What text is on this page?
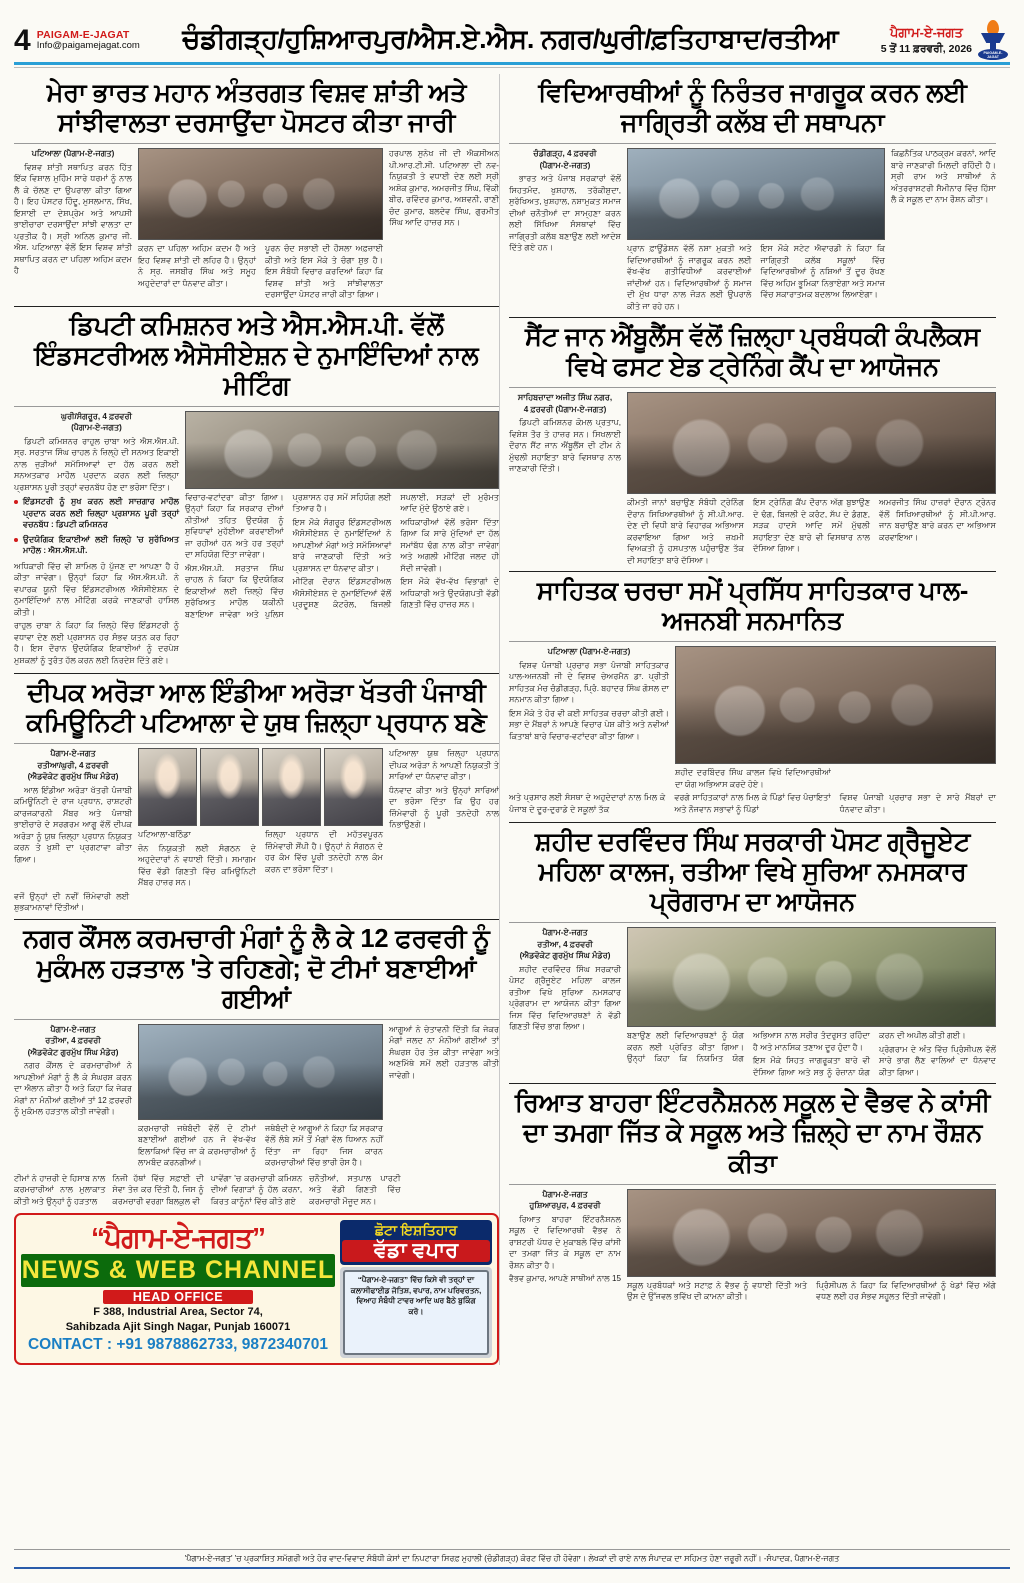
4 PAIGAM-E-JAGAT
Info@paigamejagat.com ਚੰਡੀਗੜ੍ਹ/ਹੁਸ਼ਿਆਰਪੁਰ/ਐਸ.ਏ.ਐਸ. ਨਗਰ/ਘੁਰੀ/ਫ਼ਤਿਹਾਬਾਦ/ਰਤੀਆ	ਪੈਗਾਮ-ਏ-ਜਗਤ
5 ਤੋਂ 11 ਫ਼ਰਵਰੀ, 2026	PAIGAM-E-JAGAT
ਮੇਰਾ ਭਾਰਤ ਮਹਾਨ ਅੰਤਰਗਤ ਵਿਸ਼ਵ ਸ਼ਾਂਤੀ ਅਤੇ ਸਾਂਝੀਵਾਲਤਾ ਦਰਸਾਉਂਦਾ ਪੋਸਟਰ ਕੀਤਾ ਜਾਰੀ

ਪਟਿਆਲਾ (ਪੈਗਾਮ-ਏ-ਜਗਤ)

ਵਿਸ਼ਵ ਸ਼ਾਂਤੀ ਸਥਾਪਿਤ ਕਰਨ ਹਿੱਤ ਇੱਕ ਵਿਸ਼ਾਲ ਮੁਹਿੰਮ ਸਾਰੇ ਧਰਮਾਂ ਨੂੰ ਨਾਲ ਲੈ ਕੇ ਚੱਲਣ ਦਾ ਉਪਰਾਲਾ ਕੀਤਾ ਗਿਆ ਹੈ। ਇਹ ਪੋਸਟਰ ਹਿੰਦੂ, ਮੁਸਲਮਾਨ, ਸਿੱਖ, ਇਸਾਈ ਦਾ ਦੇਸ਼ਪ੍ਰੇਮ ਅਤੇ ਆਪਸੀ ਭਾਈਚਾਰਾ ਦਰਸਾਉਂਦਾ ਸਾਂਝੀ ਵਾਲਤਾ ਦਾ ਪ੍ਰਤੀਕ ਹੈ। ਸ੍ਰੀ ਅਨਿਲ ਕੁਮਾਰ ਜੀ. ਐਸ. ਪਟਿਆਲਾ ਵੱਲੋਂ ਇਸ ਵਿਸ਼ਵ ਸ਼ਾਂਤੀ ਸਥਾਪਿਤ ਕਰਨ ਦਾ ਪਹਿਲਾ ਅਹਿਮ ਕਦਮ ਹੈ

ਕਰਨ ਦਾ ਪਹਿਲਾ ਅਹਿਮ ਕਦਮ ਹੈ ਅਤੇ ਇਹ ਵਿਸ਼ਵ ਸ਼ਾਂਤੀ ਦੀ ਲਹਿਰ ਹੈ। ਉਨ੍ਹਾਂ ਨੇ ਸ੍ਰ. ਜਸਬੀਰ ਸਿੰਘ ਅਤੇ ਸਮੂਹ ਅਹੁਦੇਦਾਰਾਂ ਦਾ ਧੰਨਵਾਦ ਕੀਤਾ।

ਪੂਰਨ ਚੰਦ ਸਭਾਈ ਦੀ ਹੌਸਲਾ ਅਫ਼ਜ਼ਾਈ ਕੀਤੀ ਅਤੇ ਇਸ ਮੌਕੇ ਤੇ ਚੰਗਾ ਸ਼ੁਭ ਹੈ। ਇਸ ਸੰਬੰਧੀ ਵਿਚਾਰ ਕਰਦਿਆਂ ਕਿਹਾ ਕਿ ਵਿਸ਼ਵ ਸ਼ਾਂਤੀ ਅਤੇ ਸਾਂਝੀਵਾਲਤਾ ਦਰਸਾਉਂਦਾ ਪੋਸਟਰ ਜਾਰੀ ਕੀਤਾ ਗਿਆ।

ਹਰਪਾਲ ਸੁਨੇਖ ਜੀ ਦੀ ਐਕਸੀਅਨ ਪੀ.ਆਰ.ਟੀ.ਸੀ. ਪਟਿਆਲਾ ਦੀ ਨਵ-ਨਿਯੁਕਤੀ ਤੇ ਵਧਾਈ ਦੇਣ ਲਈ ਸ੍ਰੀ ਅਸ਼ੋਕ ਕੁਮਾਰ, ਅਮਰਜੀਤ ਸਿੰਘ, ਵਿੱਕੀ ਬੀਰ, ਰਵਿੰਦਰ ਕੁਮਾਰ, ਅਸ਼ਵਨੀ, ਰਾਣੀ ਚੰਦ ਕੁਮਾਰ, ਬਲਦੇਵ ਸਿੰਘ, ਗੁਰਮੀਤ ਸਿੰਘ ਆਦਿ ਹਾਜ਼ਰ ਸਨ।

ਡਿਪਟੀ ਕਮਿਸ਼ਨਰ ਅਤੇ ਐਸ.ਐਸ.ਪੀ. ਵੱਲੋਂ ਇੰਡਸਟਰੀਅਲ ਐਸੋਸੀਏਸ਼ਨ ਦੇ ਨੁਮਾਇੰਦਿਆਂ ਨਾਲ ਮੀਟਿੰਗ

ਘੁਰੀ/ਸੰਗਰੂਰ, 4 ਫ਼ਰਵਰੀ
(ਪੈਗਾਮ-ਏ-ਜਗਤ)

ਡਿਪਟੀ ਕਮਿਸ਼ਨਰ ਰਾਹੁਲ ਚਾਬਾ ਅਤੇ ਐਸ.ਐਸ.ਪੀ. ਸ੍ਰ. ਸਰਤਾਜ ਸਿੰਘ ਚਾਹਲ ਨੇ ਜ਼ਿਲ੍ਹੇ ਦੀ ਸਨਅਤ ਇਕਾਈ ਨਾਲ ਜੁੜੀਆਂ ਸਮੱਸਿਆਵਾਂ ਦਾ ਹੱਲ ਕਰਨ ਲਈ ਸਨਅਤਕਾਰ ਮਾਹੌਲ ਪ੍ਰਦਾਨ ਕਰਨ ਲਈ ਜ਼ਿਲ੍ਹਾ ਪ੍ਰਸ਼ਾਸਨ ਪੂਰੀ ਤਰ੍ਹਾਂ ਵਚਨਬੱਧ ਹੋਣ ਦਾ ਭਰੋਸਾ ਦਿੱਤਾ।

ਇੰਡਸਟਰੀ ਨੂੰ ਸੁਖ ਕਰਨ ਲਈ ਸਾਜ਼ਗਾਰ ਮਾਹੌਲ ਪ੍ਰਦਾਨ ਕਰਨ ਲਈ ਜ਼ਿਲ੍ਹਾ ਪ੍ਰਸ਼ਾਸਨ ਪੂਰੀ ਤਰ੍ਹਾਂ ਵਚਨਬੱਧ : ਡਿਪਟੀ ਕਮਿਸ਼ਨਰ
ਉਦਯੋਗਿਕ ਇਕਾਈਆਂ ਲਈ ਜ਼ਿਲ੍ਹੇ 'ਚ ਸੁਰੱਖਿਅਤ ਮਾਹੌਲ : ਐਸ.ਐਸ.ਪੀ.

ਅਧਿਕਾਰੀ ਵਿੱਚ ਵੀ ਸ਼ਾਮਿਲ ਹੋ ਪੁੱਜਣ ਦਾ ਆਪਣਾ ਹੈ ਹੋ ਕੀਤਾ ਜਾਵੇਗਾ। ਉਨ੍ਹਾਂ ਕਿਹਾ ਕਿ ਐਸ.ਐਸ.ਪੀ. ਨੇ ਵਪਾਰਕ ਯੂਨੀ ਵਿੱਚ ਇੰਡਸਟਰੀਅਲ ਐਸੋਸੀਏਸ਼ਨ ਦੇ ਨੁਮਾਇੰਦਿਆਂ ਨਾਲ ਮੀਟਿੰਗ ਕਰਕੇ ਜਾਣਕਾਰੀ ਹਾਸਿਲ ਕੀਤੀ।

ਰਾਹੁਲ ਚਾਬਾ ਨੇ ਕਿਹਾ ਕਿ ਜ਼ਿਲ੍ਹੇ ਵਿੱਚ ਇੰਡਸਟਰੀ ਨੂੰ ਵਧਾਵਾ ਦੇਣ ਲਈ ਪ੍ਰਸ਼ਾਸਨ ਹਰ ਸੰਭਵ ਯਤਨ ਕਰ ਰਿਹਾ ਹੈ। ਇਸ ਦੌਰਾਨ ਉਦਯੋਗਿਕ ਇਕਾਈਆਂ ਨੂੰ ਦਰਪੇਸ਼ ਮੁਸ਼ਕਲਾਂ ਨੂੰ ਤੁਰੰਤ ਹੱਲ ਕਰਨ ਲਈ ਨਿਰਦੇਸ਼ ਦਿੱਤੇ ਗਏ।

ਵਿਚਾਰ-ਵਟਾਂਦਰਾ ਕੀਤਾ ਗਿਆ। ਉਨ੍ਹਾਂ ਕਿਹਾ ਕਿ ਸਰਕਾਰ ਦੀਆਂ ਨੀਤੀਆਂ ਤਹਿਤ ਉਦਯੋਗ ਨੂੰ ਸੁਵਿਧਾਵਾਂ ਮੁਹੱਈਆ ਕਰਵਾਈਆਂ ਜਾ ਰਹੀਆਂ ਹਨ ਅਤੇ ਹਰ ਤਰ੍ਹਾਂ ਦਾ ਸਹਿਯੋਗ ਦਿੱਤਾ ਜਾਵੇਗਾ।

ਐਸ.ਐਸ.ਪੀ. ਸਰਤਾਜ ਸਿੰਘ ਚਾਹਲ ਨੇ ਕਿਹਾ ਕਿ ਉਦਯੋਗਿਕ ਇਕਾਈਆਂ ਲਈ ਜ਼ਿਲ੍ਹੇ ਵਿੱਚ ਸੁਰੱਖਿਅਤ ਮਾਹੌਲ ਯਕੀਨੀ ਬਣਾਇਆ ਜਾਵੇਗਾ ਅਤੇ ਪੁਲਿਸ ਪ੍ਰਸ਼ਾਸਨ ਹਰ ਸਮੇਂ ਸਹਿਯੋਗ ਲਈ ਤਿਆਰ ਹੈ।

ਇਸ ਮੌਕੇ ਸੰਗਰੂਰ ਇੰਡਸਟਰੀਅਲ ਐਸੋਸੀਏਸ਼ਨ ਦੇ ਨੁਮਾਇੰਦਿਆਂ ਨੇ ਆਪਣੀਆਂ ਮੰਗਾਂ ਅਤੇ ਸਮੱਸਿਆਵਾਂ ਬਾਰੇ ਜਾਣਕਾਰੀ ਦਿੱਤੀ ਅਤੇ ਪ੍ਰਸ਼ਾਸਨ ਦਾ ਧੰਨਵਾਦ ਕੀਤਾ।

ਮੀਟਿੰਗ ਦੌਰਾਨ ਇੰਡਸਟਰੀਅਲ ਐਸੋਸੀਏਸ਼ਨ ਦੇ ਨੁਮਾਇੰਦਿਆਂ ਵੱਲੋਂ ਪ੍ਰਦੂਸ਼ਣ ਕੰਟਰੋਲ, ਬਿਜਲੀ ਸਪਲਾਈ, ਸੜਕਾਂ ਦੀ ਮੁਰੰਮਤ ਆਦਿ ਮੁੱਦੇ ਉਠਾਏ ਗਏ।

ਅਧਿਕਾਰੀਆਂ ਵੱਲੋਂ ਭਰੋਸਾ ਦਿੱਤਾ ਗਿਆ ਕਿ ਸਾਰੇ ਮੁੱਦਿਆਂ ਦਾ ਹੱਲ ਸਮਾਂਬੱਧ ਢੰਗ ਨਾਲ ਕੀਤਾ ਜਾਵੇਗਾ ਅਤੇ ਅਗਲੀ ਮੀਟਿੰਗ ਜਲਦ ਹੀ ਸੱਦੀ ਜਾਵੇਗੀ।

ਇਸ ਮੌਕੇ ਵੱਖ-ਵੱਖ ਵਿਭਾਗਾਂ ਦੇ ਅਧਿਕਾਰੀ ਅਤੇ ਉਦਯੋਗਪਤੀ ਵੱਡੀ ਗਿਣਤੀ ਵਿੱਚ ਹਾਜ਼ਰ ਸਨ।

ਦੀਪਕ ਅਰੋੜਾ ਆਲ ਇੰਡੀਆ ਅਰੋੜਾ ਖੱਤਰੀ ਪੰਜਾਬੀ ਕਮਿਊਨਿਟੀ ਪਟਿਆਲਾ ਦੇ ਯੁਥ ਜ਼ਿਲ੍ਹਾ ਪ੍ਰਧਾਨ ਬਣੇ

ਪੈਗਾਮ-ਏ-ਜਗਤ
ਰਤੀਆ/ਘੁਰੀ, 4 ਫ਼ਰਵਰੀ
(ਐਡਵੋਕੇਟ ਗੁਰਮੁੱਖ ਸਿੰਘ ਮੰਡੇਰ)

ਆਲ ਇੰਡੀਆ ਅਰੋੜਾ ਖੱਤਰੀ ਪੰਜਾਬੀ ਕਮਿਊਨਿਟੀ ਦੇ ਰਾਜ ਪ੍ਰਧਾਨ, ਰਾਸ਼ਟਰੀ ਕਾਰਜਕਾਰਨੀ ਮੈਂਬਰ ਅਤੇ ਪੰਜਾਬੀ ਭਾਈਚਾਰੇ ਦੇ ਸਰਗਰਮ ਆਗੂ ਵੱਲੋਂ ਦੀਪਕ ਅਰੋੜਾ ਨੂੰ ਯੁਥ ਜ਼ਿਲ੍ਹਾ ਪ੍ਰਧਾਨ ਨਿਯੁਕਤ ਕਰਨ ਤੇ ਖੁਸ਼ੀ ਦਾ ਪ੍ਰਗਟਾਵਾ ਕੀਤਾ ਗਿਆ।

ਪਟਿਆਲਾ-ਬਠਿੰਡਾ

ਜ਼ੋਨ ਨਿਯੁਕਤੀ ਲਈ ਸੰਗਠਨ ਦੇ ਅਹੁਦੇਦਾਰਾਂ ਨੇ ਵਧਾਈ ਦਿੱਤੀ। ਸਮਾਗਮ ਵਿੱਚ ਵੱਡੀ ਗਿਣਤੀ ਵਿੱਚ ਕਮਿਊਨਿਟੀ ਮੈਂਬਰ ਹਾਜ਼ਰ ਸਨ।

ਜ਼ਿਲ੍ਹਾ ਪ੍ਰਧਾਨ ਦੀ ਮਹੱਤਵਪੂਰਨ ਜ਼ਿੰਮੇਵਾਰੀ ਸੌਂਪੀ ਹੈ। ਉਨ੍ਹਾਂ ਨੇ ਸੰਗਠਨ ਦੇ ਹਰ ਕੰਮ ਵਿੱਚ ਪੂਰੀ ਤਨਦੇਹੀ ਨਾਲ ਕੰਮ ਕਰਨ ਦਾ ਭਰੋਸਾ ਦਿੱਤਾ।

ਪਟਿਆਲਾ ਯੁਥ ਜ਼ਿਲ੍ਹਾ ਪ੍ਰਧਾਨ ਦੀਪਕ ਅਰੋੜਾ ਨੇ ਆਪਣੀ ਨਿਯੁਕਤੀ ਤੇ ਸਾਰਿਆਂ ਦਾ ਧੰਨਵਾਦ ਕੀਤਾ।

ਧੰਨਵਾਦ ਕੀਤਾ ਅਤੇ ਉਨ੍ਹਾਂ ਸਾਰਿਆਂ ਦਾ ਭਰੋਸਾ ਦਿੱਤਾ ਕਿ ਉਹ ਹਰ ਜ਼ਿੰਮੇਵਾਰੀ ਨੂੰ ਪੂਰੀ ਤਨਦੇਹੀ ਨਾਲ ਨਿਭਾਉਣਗੇ।

ਵਜੋਂ ਉਨ੍ਹਾਂ ਦੀ ਨਵੀਂ ਜ਼ਿੰਮੇਵਾਰੀ ਲਈ ਸ਼ੁਭਕਾਮਨਾਵਾਂ ਦਿੱਤੀਆਂ।

ਨਗਰ ਕੌਂਸਲ ਕਰਮਚਾਰੀ ਮੰਗਾਂ ਨੂੰ ਲੈ ਕੇ 12 ਫਰਵਰੀ ਨੂੰ ਮੁਕੰਮਲ ਹੜਤਾਲ 'ਤੇ ਰਹਿਣਗੇ; ਦੋ ਟੀਮਾਂ ਬਣਾਈਆਂ ਗਈਆਂ

ਪੈਗਾਮ-ਏ-ਜਗਤ
ਰਤੀਆ, 4 ਫ਼ਰਵਰੀ
(ਐਡਵੋਕੇਟ ਗੁਰਮੁੱਖ ਸਿੰਘ ਮੰਡੇਰ)

ਨਗਰ ਕੌਂਸਲ ਦੇ ਕਰਮਚਾਰੀਆਂ ਨੇ ਆਪਣੀਆਂ ਮੰਗਾਂ ਨੂੰ ਲੈ ਕੇ ਸੰਘਰਸ਼ ਕਰਨ ਦਾ ਐਲਾਨ ਕੀਤਾ ਹੈ ਅਤੇ ਕਿਹਾ ਕਿ ਜੇਕਰ ਮੰਗਾਂ ਨਾ ਮੰਨੀਆਂ ਗਈਆਂ ਤਾਂ 12 ਫ਼ਰਵਰੀ ਨੂੰ ਮੁਕੰਮਲ ਹੜਤਾਲ ਕੀਤੀ ਜਾਵੇਗੀ।

ਕਰਮਚਾਰੀ ਜਥੇਬੰਦੀ ਵੱਲੋਂ ਦੋ ਟੀਮਾਂ ਬਣਾਈਆਂ ਗਈਆਂ ਹਨ ਜੋ ਵੱਖ-ਵੱਖ ਇਲਾਕਿਆਂ ਵਿੱਚ ਜਾ ਕੇ ਕਰਮਚਾਰੀਆਂ ਨੂੰ ਲਾਮਬੰਦ ਕਰਨਗੀਆਂ।

ਜਥੇਬੰਦੀ ਦੇ ਆਗੂਆਂ ਨੇ ਕਿਹਾ ਕਿ ਸਰਕਾਰ ਵੱਲੋਂ ਲੰਬੇ ਸਮੇਂ ਤੋਂ ਮੰਗਾਂ ਵੱਲ ਧਿਆਨ ਨਹੀਂ ਦਿੱਤਾ ਜਾ ਰਿਹਾ ਜਿਸ ਕਾਰਨ ਕਰਮਚਾਰੀਆਂ ਵਿੱਚ ਭਾਰੀ ਰੋਸ ਹੈ।

ਆਗੂਆਂ ਨੇ ਚੇਤਾਵਨੀ ਦਿੱਤੀ ਕਿ ਜੇਕਰ ਮੰਗਾਂ ਜਲਦ ਨਾ ਮੰਨੀਆਂ ਗਈਆਂ ਤਾਂ ਸੰਘਰਸ਼ ਹੋਰ ਤੇਜ਼ ਕੀਤਾ ਜਾਵੇਗਾ ਅਤੇ ਅਣਮਿੱਥੇ ਸਮੇਂ ਲਈ ਹੜਤਾਲ ਕੀਤੀ ਜਾਵੇਗੀ।

ਟੀਮਾਂ ਨੇ ਹਾਜ਼ਰੀ ਦੇ ਹਿਸਾਬ ਨਾਲ ਕਰਮਚਾਰੀਆਂ ਨਾਲ ਮੁਲਾਕਾਤ ਕੀਤੀ ਅਤੇ ਉਨ੍ਹਾਂ ਨੂੰ ਹੜਤਾਲ

ਨਿਜੀ ਹੱਥਾਂ ਵਿੱਚ ਸਫ਼ਾਈ ਦੀ ਸੇਵਾ ਤੇਜ਼ ਕਰ ਦਿੱਤੀ ਹੈ, ਜਿਸ ਨੂੰ ਕਰਮਚਾਰੀ ਵਰਗਾ ਬਿਲਕੁਲ ਵੀ

ਪਾਵੇਂਗਾ 'ਚ ਕਰਮਚਾਰੀ ਕਮਿਸ਼ਨ ਦੀਆਂ ਵਿਗਾੜਾਂ ਨੂੰ ਹੱਲ ਕਰਨਾ, ਕਿਰਤ ਕਾਨੂੰਨਾਂ ਵਿੱਚ ਕੀਤੇ ਗਏ

ਚਨੌਤੀਆਂ, ਸਤਪਾਲ ਪਾਰਟੀ ਅਤੇ ਵੱਡੀ ਗਿਣਤੀ ਵਿੱਚ ਕਰਮਚਾਰੀ ਮੌਜੂਦ ਸਨ।

“ਪੈਗਾਮ-ਏ-ਜਗਤ”
NEWS & WEB CHANNEL
HEAD OFFICE
F 388, Industrial Area, Sector 74,
Sahibzada Ajit Singh Nagar, Punjab 160071
CONTACT : +91 9878862733, 9872340701
ਛੋਟਾ ਇਸ਼ਤਿਹਾਰ
ਵੱਡਾ ਵਪਾਰ
“ਪੈਗਾਮ-ਏ-ਜਗਤ” ਵਿੱਚ ਕਿਸੇ ਵੀ ਤਰ੍ਹਾਂ ਦਾ ਕਲਾਸੀਫਾਈਡ ਜੋਤਿਸ਼, ਵਪਾਰ, ਨਾਮ ਪਰਿਵਰਤਨ, ਵਿਆਹ ਸੰਬੰਧੀ ਟਾਵਰ ਆਦਿ ਘਰ ਬੈਠੇ ਬੁਕਿੰਗ ਕਰੋ।
ਵਿਦਿਆਰਥੀਆਂ ਨੂੰ ਨਿਰੰਤਰ ਜਾਗਰੂਕ ਕਰਨ ਲਈ ਜਾਗ੍ਰਿਤੀ ਕਲੱਬ ਦੀ ਸਥਾਪਨਾ

ਚੰਡੀਗੜ੍ਹ, 4 ਫ਼ਰਵਰੀ
(ਪੈਗਾਮ-ਏ-ਜਗਤ)

ਭਾਰਤ ਅਤੇ ਪੰਜਾਬ ਸਰਕਾਰਾਂ ਵੱਲੋਂ ਸਿਹਤਮੰਦ, ਖੁਸ਼ਹਾਲ, ਤਰੱਕੀਸ਼ੁਦਾ, ਸੁਰੱਖਿਅਤ, ਖੁਸ਼ਹਾਲ, ਨਸ਼ਾਮੁਕਤ ਸਮਾਜ ਦੀਆਂ ਚਨੌਤੀਆਂ ਦਾ ਸਾਮ੍ਹਣਾ ਕਰਨ ਲਈ ਸਿੱਖਿਆ ਸੰਸਥਾਵਾਂ ਵਿੱਚ ਜਾਗ੍ਰਿਤੀ ਕਲੱਬ ਬਣਾਉਣ ਲਈ ਆਦੇਸ਼ ਦਿੱਤੇ ਗਏ ਹਨ।	ਪ੍ਰਾਨ ਫ਼ਾਊਂਡੇਸ਼ਨ ਵੱਲੋਂ ਨਸ਼ਾ ਮੁਕਤੀ ਅਤੇ ਵਿਦਿਆਰਥੀਆਂ ਨੂੰ ਜਾਗਰੂਕ ਕਰਨ ਲਈ ਵੱਖ-ਵੱਖ ਗਤੀਵਿਧੀਆਂ ਕਰਵਾਈਆਂ ਜਾਂਦੀਆਂ ਹਨ। ਵਿਦਿਆਰਥੀਆਂ ਨੂੰ ਸਮਾਜ ਦੀ ਮੁੱਖ ਧਾਰਾ ਨਾਲ ਜੋੜਨ ਲਈ ਉਪਰਾਲੇ ਕੀਤੇ ਜਾ ਰਹੇ ਹਨ।

ਇਸ ਮੌਕੇ ਸਟੇਟ ਐਵਾਰਡੀ ਨੇ ਕਿਹਾ ਕਿ ਜਾਗ੍ਰਿਤੀ ਕਲੱਬ ਸਕੂਲਾਂ ਵਿੱਚ ਵਿਦਿਆਰਥੀਆਂ ਨੂੰ ਨਸ਼ਿਆਂ ਤੋਂ ਦੂਰ ਰੱਖਣ ਵਿੱਚ ਅਹਿਮ ਭੂਮਿਕਾ ਨਿਭਾਏਗਾ ਅਤੇ ਸਮਾਜ ਵਿੱਚ ਸਕਾਰਾਤਮਕ ਬਦਲਾਅ ਲਿਆਏਗਾ।

ਕਿਛਨੈਤਿਕ ਪਾਠਕ੍ਰਮ ਕਰਨਾਂ, ਆਦਿ ਬਾਰੇ ਜਾਣਕਾਰੀ ਮਿਲਦੀ ਰਹਿੰਦੀ ਹੈ। ਸ੍ਰੀ ਰਾਮ ਅਤੇ ਸਾਥੀਆਂ ਨੇ ਅੰਤਰਰਾਸ਼ਟਰੀ ਸੈਮੀਨਾਰ ਵਿੱਚ ਹਿੱਸਾ ਲੈ ਕੇ ਸਕੂਲ ਦਾ ਨਾਮ ਰੌਸ਼ਨ ਕੀਤਾ।

ਸੈਂਟ ਜਾਨ ਐਂਬੂਲੈਂਸ ਵੱਲੋਂ ਜ਼ਿਲ੍ਹਾ ਪ੍ਰਬੰਧਕੀ ਕੰਪਲੈਕਸ ਵਿਖੇ ਫਸਟ ਏਡ ਟ੍ਰੇਨਿੰਗ ਕੈਂਪ ਦਾ ਆਯੋਜਨ

ਸਾਹਿਬਜ਼ਾਦਾ ਅਜੀਤ ਸਿੰਘ ਨਗਰ,
4 ਫ਼ਰਵਰੀ (ਪੈਗਾਮ-ਏ-ਜਗਤ)

ਡਿਪਟੀ ਕਮਿਸ਼ਨਰ ਕੋਮਲ ਪ੍ਰਤਾਪ, ਵਿਸ਼ੇਸ਼ ਤੌਰ ਤੇ ਹਾਜ਼ਰ ਸਨ। ਸਿਖਲਾਈ ਦੌਰਾਨ ਸੈਂਟ ਜਾਨ ਐਂਬੂਲੈਂਸ ਦੀ ਟੀਮ ਨੇ ਮੁੱਢਲੀ ਸਹਾਇਤਾ ਬਾਰੇ ਵਿਸਥਾਰ ਨਾਲ ਜਾਣਕਾਰੀ ਦਿੱਤੀ।

ਕੀਮਤੀ ਜਾਨਾਂ ਬਚਾਉਣ ਸੰਬੰਧੀ ਟ੍ਰੇਨਿੰਗ ਦੌਰਾਨ ਸਿਖਿਆਰਥੀਆਂ ਨੂੰ ਸੀ.ਪੀ.ਆਰ. ਦੇਣ ਦੀ ਵਿਧੀ ਬਾਰੇ ਵਿਹਾਰਕ ਅਭਿਆਸ ਕਰਵਾਇਆ ਗਿਆ ਅਤੇ ਜ਼ਖ਼ਮੀ ਵਿਅਕਤੀ ਨੂੰ ਹਸਪਤਾਲ ਪਹੁੰਚਾਉਣ ਤੱਕ ਦੀ ਸਹਾਇਤਾ ਬਾਰੇ ਦੱਸਿਆ।

ਇਸ ਟ੍ਰੇਨਿੰਗ ਕੈਂਪ ਦੌਰਾਨ ਅੱਗ ਬੁਝਾਉਣ ਦੇ ਢੰਗ, ਬਿਜਲੀ ਦੇ ਕਰੰਟ, ਸੱਪ ਦੇ ਡੰਗਣ, ਸੜਕ ਹਾਦਸੇ ਆਦਿ ਸਮੇਂ ਮੁੱਢਲੀ ਸਹਾਇਤਾ ਦੇਣ ਬਾਰੇ ਵੀ ਵਿਸਥਾਰ ਨਾਲ ਦੱਸਿਆ ਗਿਆ।

ਅਮਰਜੀਤ ਸਿੰਘ ਹਾਜ਼ਰਾਂ ਦੌਰਾਨ ਟ੍ਰੇਨਰ ਵੱਲੋਂ ਸਿਖਿਆਰਥੀਆਂ ਨੂੰ ਸੀ.ਪੀ.ਆਰ. ਜਾਨ ਬਚਾਉਣ ਬਾਰੇ ਕਰਨ ਦਾ ਅਭਿਆਸ ਕਰਵਾਇਆ।

ਸਾਹਿਤਕ ਚਰਚਾ ਸਮੇਂ ਪ੍ਰਸਿੱਧ ਸਾਹਿਤਕਾਰ ਪਾਲ-ਅਜਨਬੀ ਸਨਮਾਨਿਤ

ਪਟਿਆਲਾ (ਪੈਗਾਮ-ਏ-ਜਗਤ)

ਵਿਸ਼ਵ ਪੰਜਾਬੀ ਪ੍ਰਚਾਰ ਸਭਾ ਪੰਜਾਬੀ ਸਾਹਿਤਕਾਰ ਪਾਲ-ਅਜਨਬੀ ਜੀ ਦੇ ਵਿਸ਼ਵ ਚੇਅਰਮੈਨ ਡਾ. ਪ੍ਰੀਤੀ ਸਾਹਿਤਕ ਮੰਚ ਚੰਡੀਗੜ੍ਹ, ਪ੍ਰਿੰ. ਬਹਾਦਰ ਸਿੰਘ ਗੋਸਲ ਦਾ ਸਨਮਾਨ ਕੀਤਾ ਗਿਆ।

ਇਸ ਮੌਕੇ ਤੇ ਹੋਰ ਵੀ ਕਈ ਸਾਹਿਤਕ ਚਰਚਾ ਕੀਤੀ ਗਈ। ਸਭਾ ਦੇ ਮੈਂਬਰਾਂ ਨੇ ਆਪਣੇ ਵਿਚਾਰ ਪੇਸ਼ ਕੀਤੇ ਅਤੇ ਨਵੀਆਂ ਕਿਤਾਬਾਂ ਬਾਰੇ ਵਿਚਾਰ-ਵਟਾਂਦਰਾ ਕੀਤਾ ਗਿਆ।

ਸ਼ਹੀਦ ਦਰਬਿੰਦਰ ਸਿੰਘ ਕਾਲਜ ਵਿਖੇ ਵਿਦਿਆਰਥੀਆਂ ਦਾ ਯੋਗ ਅਭਿਆਸ ਕਰਦੇ ਹੋਏ।

ਅਤੇ ਪ੍ਰਸਾਰ ਲਈ ਸੰਸਥਾ ਦੇ ਅਹੁਦੇਦਾਰਾਂ ਨਾਲ ਮਿਲ ਕੇ ਪੰਜਾਬ ਦੇ ਦੂਰ-ਦੁਰਾਡੇ ਦੇ ਸਕੂਲਾਂ ਤੱਕ

ਵਰਗੇ ਸਾਹਿਤਕਾਰਾਂ ਨਾਲ ਮਿਲ ਕੇ ਪਿੰਡਾਂ ਵਿਚ ਪੰਚਾਇਤਾਂ ਅਤੇ ਨੌਜਵਾਨ ਸਭਾਵਾਂ ਨੂੰ ਪਿੰਡਾਂ

ਵਿਸ਼ਵ ਪੰਜਾਬੀ ਪ੍ਰਚਾਰ ਸਭਾ ਦੇ ਸਾਰੇ ਮੈਂਬਰਾਂ ਦਾ ਧੰਨਵਾਦ ਕੀਤਾ।

ਸ਼ਹੀਦ ਦਰਵਿੰਦਰ ਸਿੰਘ ਸਰਕਾਰੀ ਪੋਸਟ ਗ੍ਰੈਜੂਏਟ ਮਹਿਲਾ ਕਾਲਜ, ਰਤੀਆ ਵਿਖੇ ਸੁਰਿਆ ਨਮਸਕਾਰ ਪ੍ਰੋਗਰਾਮ ਦਾ ਆਯੋਜਨ

ਪੈਗਾਮ-ਏ-ਜਗਤ
ਰਤੀਆ, 4 ਫ਼ਰਵਰੀ
(ਐਡਵੋਕੇਟ ਗੁਰਮੁੱਖ ਸਿੰਘ ਮੰਡੇਰ)

ਸ਼ਹੀਦ ਦਰਵਿੰਦਰ ਸਿੰਘ ਸਰਕਾਰੀ ਪੋਸਟ ਗ੍ਰੈਜੂਏਟ ਮਹਿਲਾ ਕਾਲਜ ਰਤੀਆ ਵਿਖੇ ਸੁਰਿਆ ਨਮਸਕਾਰ ਪ੍ਰੋਗਰਾਮ ਦਾ ਆਯੋਜਨ ਕੀਤਾ ਗਿਆ ਜਿਸ ਵਿੱਚ ਵਿਦਿਆਰਥਣਾਂ ਨੇ ਵੱਡੀ ਗਿਣਤੀ ਵਿੱਚ ਭਾਗ ਲਿਆ।

ਬਣਾਉਣ ਲਈ ਵਿਦਿਆਰਥਣਾਂ ਨੂੰ ਯੋਗ ਕਰਨ ਲਈ ਪ੍ਰੇਰਿਤ ਕੀਤਾ ਗਿਆ। ਉਨ੍ਹਾਂ ਕਿਹਾ ਕਿ ਨਿਯਮਿਤ ਯੋਗ ਅਭਿਆਸ ਨਾਲ ਸਰੀਰ ਤੰਦਰੁਸਤ ਰਹਿੰਦਾ ਹੈ ਅਤੇ ਮਾਨਸਿਕ ਤਣਾਅ ਦੂਰ ਹੁੰਦਾ ਹੈ।

ਇਸ ਮੌਕੇ ਸਿਹਤ ਜਾਗਰੂਕਤਾ ਬਾਰੇ ਵੀ ਦੱਸਿਆ ਗਿਆ ਅਤੇ ਸਭ ਨੂੰ ਰੋਜ਼ਾਨਾ ਯੋਗ ਕਰਨ ਦੀ ਅਪੀਲ ਕੀਤੀ ਗਈ।

ਪ੍ਰੋਗਰਾਮ ਦੇ ਅੰਤ ਵਿੱਚ ਪ੍ਰਿੰਸੀਪਲ ਵੱਲੋਂ ਸਾਰੇ ਭਾਗ ਲੈਣ ਵਾਲਿਆਂ ਦਾ ਧੰਨਵਾਦ ਕੀਤਾ ਗਿਆ।

ਰਿਆਤ ਬਾਹਰਾ ਇੰਟਰਨੈਸ਼ਨਲ ਸਕੂਲ ਦੇ ਵੈਭਵ ਨੇ ਕਾਂਸੀ ਦਾ ਤਮਗਾ ਜਿੱਤ ਕੇ ਸਕੂਲ ਅਤੇ ਜ਼ਿਲ੍ਹੇ ਦਾ ਨਾਮ ਰੌਸ਼ਨ ਕੀਤਾ

ਪੈਗਾਮ-ਏ-ਜਗਤ
ਹੁਸ਼ਿਆਰਪੁਰ, 4 ਫ਼ਰਵਰੀ

ਰਿਆਤ ਬਾਹਰਾ ਇੰਟਰਨੈਸ਼ਨਲ ਸਕੂਲ ਦੇ ਵਿਦਿਆਰਥੀ ਵੈਭਵ ਨੇ ਰਾਸ਼ਟਰੀ ਪੱਧਰ ਦੇ ਮੁਕਾਬਲੇ ਵਿੱਚ ਕਾਂਸੀ ਦਾ ਤਮਗਾ ਜਿੱਤ ਕੇ ਸਕੂਲ ਦਾ ਨਾਮ ਰੌਸ਼ਨ ਕੀਤਾ ਹੈ।

ਵੈਭਵ ਕੁਮਾਰ, ਆਪਣੇ ਸਾਥੀਆਂ ਨਾਲ 15

ਸਕੂਲ ਪ੍ਰਬੰਧਕਾਂ ਅਤੇ ਸਟਾਫ਼ ਨੇ ਵੈਭਵ ਨੂੰ ਵਧਾਈ ਦਿੱਤੀ ਅਤੇ ਉਸ ਦੇ ਉੱਜਵਲ ਭਵਿੱਖ ਦੀ ਕਾਮਨਾ ਕੀਤੀ।

ਪ੍ਰਿੰਸੀਪਲ ਨੇ ਕਿਹਾ ਕਿ ਵਿਦਿਆਰਥੀਆਂ ਨੂੰ ਖੇਡਾਂ ਵਿੱਚ ਅੱਗੇ ਵਧਣ ਲਈ ਹਰ ਸੰਭਵ ਸਹੂਲਤ ਦਿੱਤੀ ਜਾਵੇਗੀ।

'ਪੈਗਾਮ-ਏ-ਜਗਤ' 'ਚ ਪ੍ਰਕਾਸ਼ਿਤ ਸਮੱਗਰੀ ਅਤੇ ਹੋਰ ਵਾਦ-ਵਿਵਾਦ ਸੰਬੰਧੀ ਕੇਸਾਂ ਦਾ ਨਿਪਟਾਰਾ ਸਿਰਫ਼ ਮੁਹਾਲੀ (ਚੰਡੀਗੜ੍ਹ) ਕੋਰਟ ਵਿੱਚ ਹੀ ਹੋਵੇਗਾ। ਲੇਖਕਾਂ ਦੀ ਰਾਏ ਨਾਲ ਸੰਪਾਦਕ ਦਾ ਸਹਿਮਤ ਹੋਣਾ ਜ਼ਰੂਰੀ ਨਹੀਂ। -ਸੰਪਾਦਕ, ਪੈਗਾਮ-ਏ-ਜਗਤ
